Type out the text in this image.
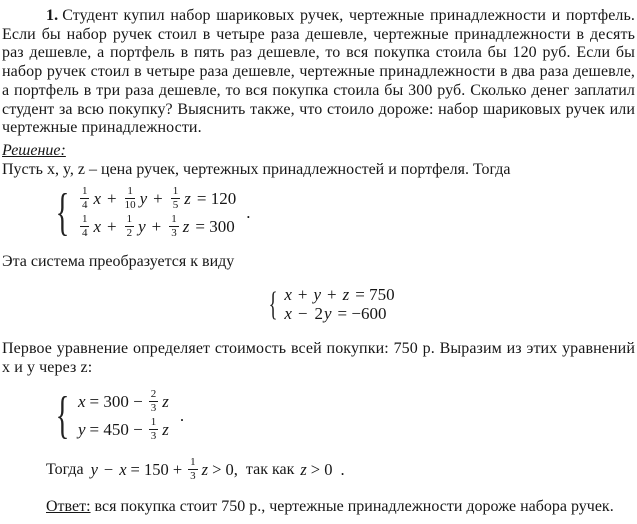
1. Студент купил набор шариковых ручек, чертежные принадлежности и портфель. Если бы набор ручек стоил в четыре раза дешевле, чертежные принадлежности в десять раз дешевле, а портфель в пять раз дешевле, то вся покупка стоила бы 120 руб. Если бы набор ручек стоил в четыре раза дешевле, чертежные принадлежности в два раза дешевле, а портфель в три раза дешевле, то вся покупка стоила бы 300 руб. Сколько денег заплатил студент за всю покупку? Выяснить также, что стоило дороже: набор шариковых ручек или чертежные принадлежности.

Решение:

Пусть x, y, z – цена ручек, чертежных принадлежностей и портфеля. Тогда

{ $\frac{1}{4}$ $x + \frac{1}{10}$ $y + \frac{1}{5}$ z = 120
$\frac{1}{4}$ $x + \frac{1}{2}$ $y + \frac{1}{3}$ z = 300
.

Эта система преобразуется к виду

{ x + y + z = 750
x − 2 y = −600

Первое уравнение определяет стоимость всей покупки: 750 р. Выразим из этих уравнений x и y через z:

{ $x = 300 - \frac{2}{3}$ z
$y = 450 - \frac{1}{3}$ z
.
Тогда $y - x = 150 + \frac{1}{3}$ z > 0, так как z > 0 .

Ответ: вся покупка стоит 750 р., чертежные принадлежности дороже набора ручек.
